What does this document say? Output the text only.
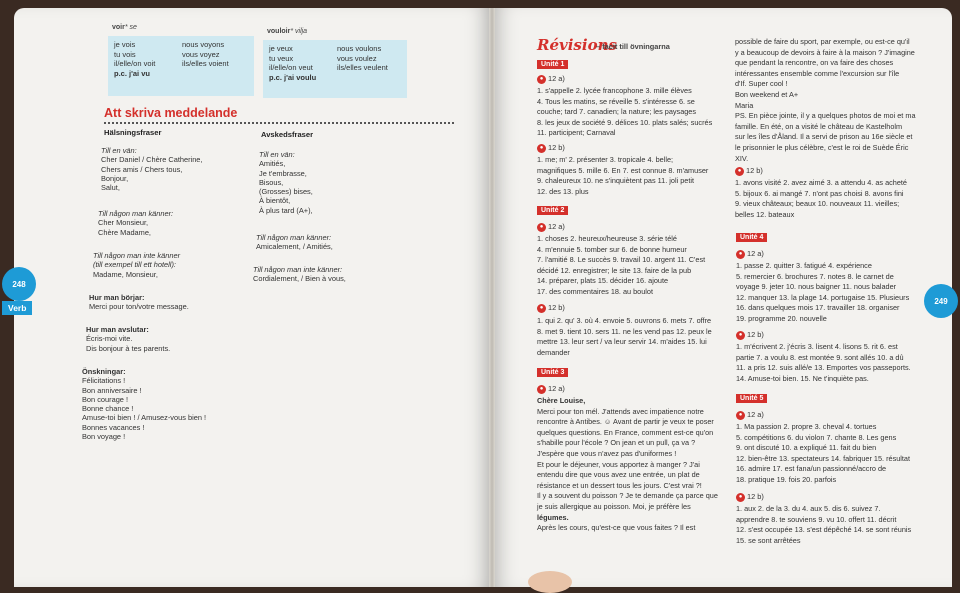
voir* se
je vois
tu vois
il/elle/on voit
p.c. j'ai vu
nous voyons
vous voyez
ils/elles voient
vouloir* vilja
je veux
tu veux
il/elle/on veut
p.c. j'ai voulu
nous voulons
vous voulez
ils/elles veulent
Att skriva meddelande
Hälsningsfraser
Till en vän:
Cher Daniel / Chère Catherine,
Chers amis / Chers tous,
Bonjour,
Salut,
Till någon man känner:
Cher Monsieur,
Chère Madame,
Till någon man inte känner
(till exempel till ett hotell):
Madame, Monsieur,
Hur man börjar:
Merci pour ton/votre message.
Hur man avslutar:
Écris-moi vite.
Dis bonjour à tes parents.
Önskningar:
Félicitations !
Bon anniversaire !
Bon courage !
Bonne chance !
Amuse-toi bien ! / Amusez-vous bien !
Bonnes vacances !
Bon voyage !
Avskedsfraser
Till en vän:
Amitiés,
Je t'embrasse,
Bisous,
(Grosses) bises,
À bientôt,
À plus tard (A+),
Till någon man känner:
Amicalement, / Amitiés,
Till någon man inte känner:
Cordialement, / Bien à vous,
248
Verb
Révisions
– facit till övningarna
Unité 1
● 12 a)
1. s'appelle 2. lycée francophone 3. mille élèves
4. Tous les matins, se réveille 5. s'intéresse 6. se
couche; tard 7. canadien; la nature; les paysages
8. les jeux de société 9. délices 10. plats salés; sucrés
11. participent; Carnaval
● 12 b)
1. me; m' 2. présenter 3. tropicale 4. belle;
magnifiques 5. mille 6. En 7. est connue 8. m'amuser
9. chaleureux 10. ne s'inquiètent pas 11. joli petit
12. des 13. plus
Unité 2
● 12 a)
1. choses 2. heureux/heureuse 3. série télé
4. m'ennuie 5. tomber sur 6. de bonne humeur
7. l'amitié 8. Le succès 9. travail 10. argent 11. C'est
décidé 12. enregistrer; le site 13. faire de la pub
14. préparer, plats 15. décider 16. ajoute
17. des commentaires 18. au boulot
● 12 b)
1. qui 2. qu' 3. où 4. envoie 5. ouvrons 6. mets 7. offre
8. met 9. tient 10. sers 11. ne les vend pas 12. peux le
mettre 13. leur sert / va leur servir 14. m'aides 15. lui
demander
Unité 3
● 12 a)
Chère Louise,
Merci pour ton mél. J'attends avec impatience notre
rencontre à Antibes. ☺ Avant de partir je veux te poser
quelques questions. En France, comment est-ce qu'on
s'habille pour l'école ? On jean et un pull, ça va ?
J'espère que vous n'avez pas d'uniformes !
Et pour le déjeuner, vous apportez à manger ? J'ai
entendu dire que vous avez une entrée, un plat de
résistance et un dessert tous les jours. C'est vrai ?!
Il y a souvent du poisson ? Je te demande ça parce que
je suis allergique au poisson. Moi, je préfère les
légumes.
Après les cours, qu'est-ce que vous faites ? Il est
possible de faire du sport, par exemple, ou est-ce qu'il
y a beaucoup de devoirs à faire à la maison ? J'imagine
que pendant la rencontre, on va faire des choses
intéressantes ensemble comme l'excursion sur l'île
d'If. Super cool !
Bon weekend et A+
Maria
PS. En pièce jointe, il y a quelques photos de moi et ma
famille. En été, on a visité le château de Kastelholm
sur les îles d'Åland. Il a servi de prison au 16e siècle et
le prisonnier le plus célèbre, c'est le roi de Suède Éric
XIV.
● 12 b)
1. avons visité 2. avez aimé 3. a attendu 4. as acheté
5. bijoux 6. ai mangé 7. n'ont pas choisi 8. avons fini
9. vieux châteaux; beaux 10. nouveaux 11. vieilles;
belles 12. bateaux
Unité 4
● 12 a)
1. passe 2. quitter 3. fatigué 4. expérience
5. remercier 6. brochures 7. notes 8. le carnet de
voyage 9. jeter 10. nous baigner 11. nous balader
12. manquer 13. la plage 14. portugaise 15. Plusieurs
16. dans quelques mois 17. travailler 18. organiser
19. programme 20. nouvelle
● 12 b)
1. m'écrivent 2. j'écris 3. lisent 4. lisons 5. rit 6. est
partie 7. a voulu 8. est montée 9. sont allés 10. a dû
11. a pris 12. suis allé/e 13. Emportes vos passeports.
14. Amuse-toi bien. 15. Ne t'inquiète pas.
Unité 5
● 12 a)
1. Ma passion 2. propre 3. cheval 4. tortues
5. compétitions 6. du violon 7. chante 8. Les gens
9. ont discuté 10. a expliqué 11. fait du bien
12. bien-être 13. spectateurs 14. fabriquer 15. résultat
16. admire 17. est fana/un passionné/accro de
18. pratique 19. fois 20. parfois
● 12 b)
1. aux 2. de la 3. du 4. aux 5. dis 6. suivez 7.
apprendre 8. te souviens 9. vu 10. offert 11. décrit
12. s'est occupée 13. s'est dépêché 14. se sont réunis
15. se sont arrêtées
249
